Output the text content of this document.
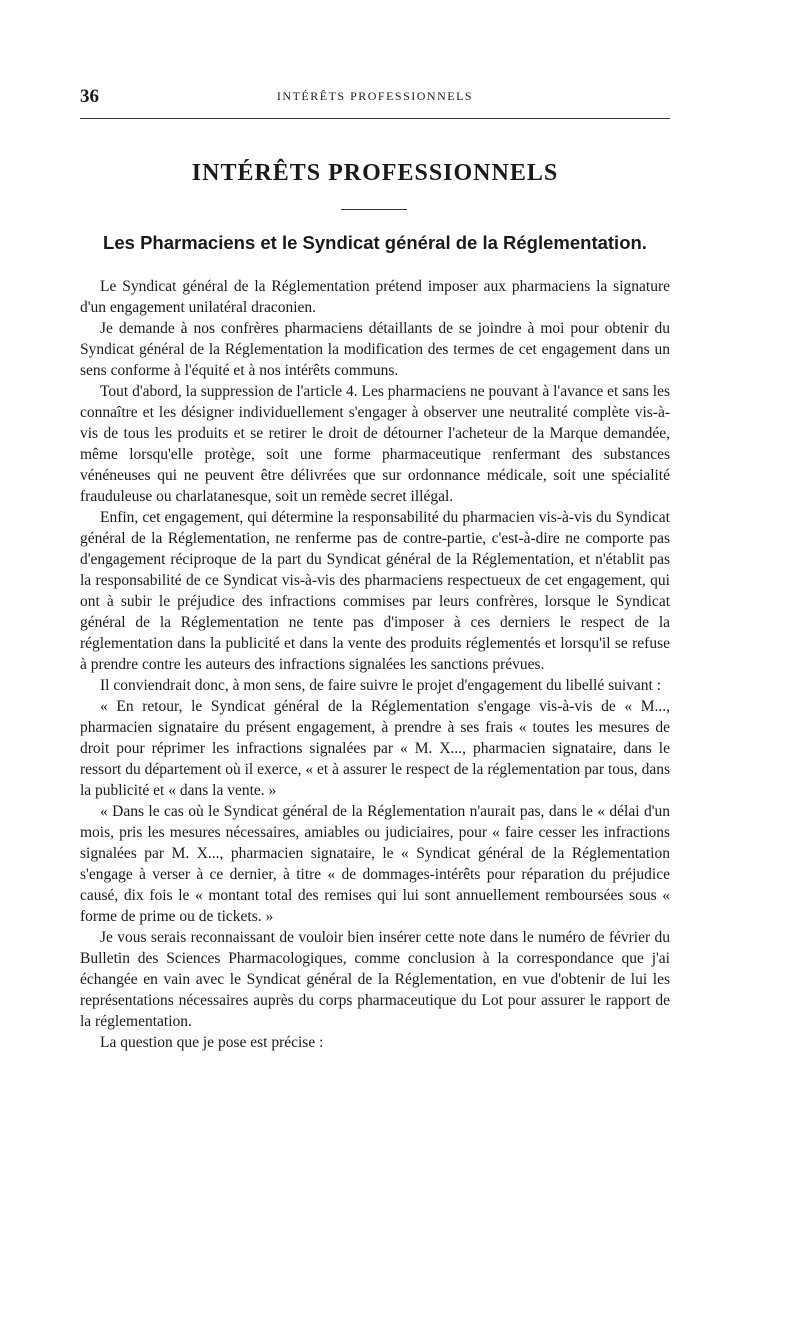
36	INTÉRÊTS PROFESSIONNELS
INTÉRÊTS PROFESSIONNELS
Les Pharmaciens et le Syndicat général de la Réglementation.

Le Syndicat général de la Réglementation prétend imposer aux pharmaciens la signature d'un engagement unilatéral draconien.

Je demande à nos confrères pharmaciens détaillants de se joindre à moi pour obtenir du Syndicat général de la Réglementation la modification des termes de cet engagement dans un sens conforme à l'équité et à nos intérêts communs.

Tout d'abord, la suppression de l'article 4. Les pharmaciens ne pouvant à l'avance et sans les connaître et les désigner individuellement s'engager à observer une neutralité complète vis-à-vis de tous les produits et se retirer le droit de détourner l'acheteur de la Marque demandée, même lorsqu'elle protège, soit une forme pharmaceutique renfermant des substances vénéneuses qui ne peuvent être délivrées que sur ordonnance médicale, soit une spécialité frauduleuse ou charlatanesque, soit un remède secret illégal.

Enfin, cet engagement, qui détermine la responsabilité du pharmacien vis-à-vis du Syndicat général de la Réglementation, ne renferme pas de contre-partie, c'est-à-dire ne comporte pas d'engagement réciproque de la part du Syndicat général de la Réglementation, et n'établit pas la responsabilité de ce Syndicat vis-à-vis des pharmaciens respectueux de cet engagement, qui ont à subir le préjudice des infractions commises par leurs confrères, lorsque le Syndicat général de la Réglementation ne tente pas d'imposer à ces derniers le respect de la réglementation dans la publicité et dans la vente des produits réglementés et lorsqu'il se refuse à prendre contre les auteurs des infractions signalées les sanctions prévues.

Il conviendrait donc, à mon sens, de faire suivre le projet d'engagement du libellé suivant :

« En retour, le Syndicat général de la Réglementation s'engage vis-à-vis de « M..., pharmacien signataire du présent engagement, à prendre à ses frais « toutes les mesures de droit pour réprimer les infractions signalées par « M. X..., pharmacien signataire, dans le ressort du département où il exerce, « et à assurer le respect de la réglementation par tous, dans la publicité et « dans la vente. »

« Dans le cas où le Syndicat général de la Réglementation n'aurait pas, dans le « délai d'un mois, pris les mesures nécessaires, amiables ou judiciaires, pour « faire cesser les infractions signalées par M. X..., pharmacien signataire, le « Syndicat général de la Réglementation s'engage à verser à ce dernier, à titre « de dommages-intérêts pour réparation du préjudice causé, dix fois le « montant total des remises qui lui sont annuellement remboursées sous « forme de prime ou de tickets. »

Je vous serais reconnaissant de vouloir bien insérer cette note dans le numéro de février du Bulletin des Sciences Pharmacologiques, comme conclusion à la correspondance que j'ai échangée en vain avec le Syndicat général de la Réglementation, en vue d'obtenir de lui les représentations nécessaires auprès du corps pharmaceutique du Lot pour assurer le rapport de la réglementation.

La question que je pose est précise :
